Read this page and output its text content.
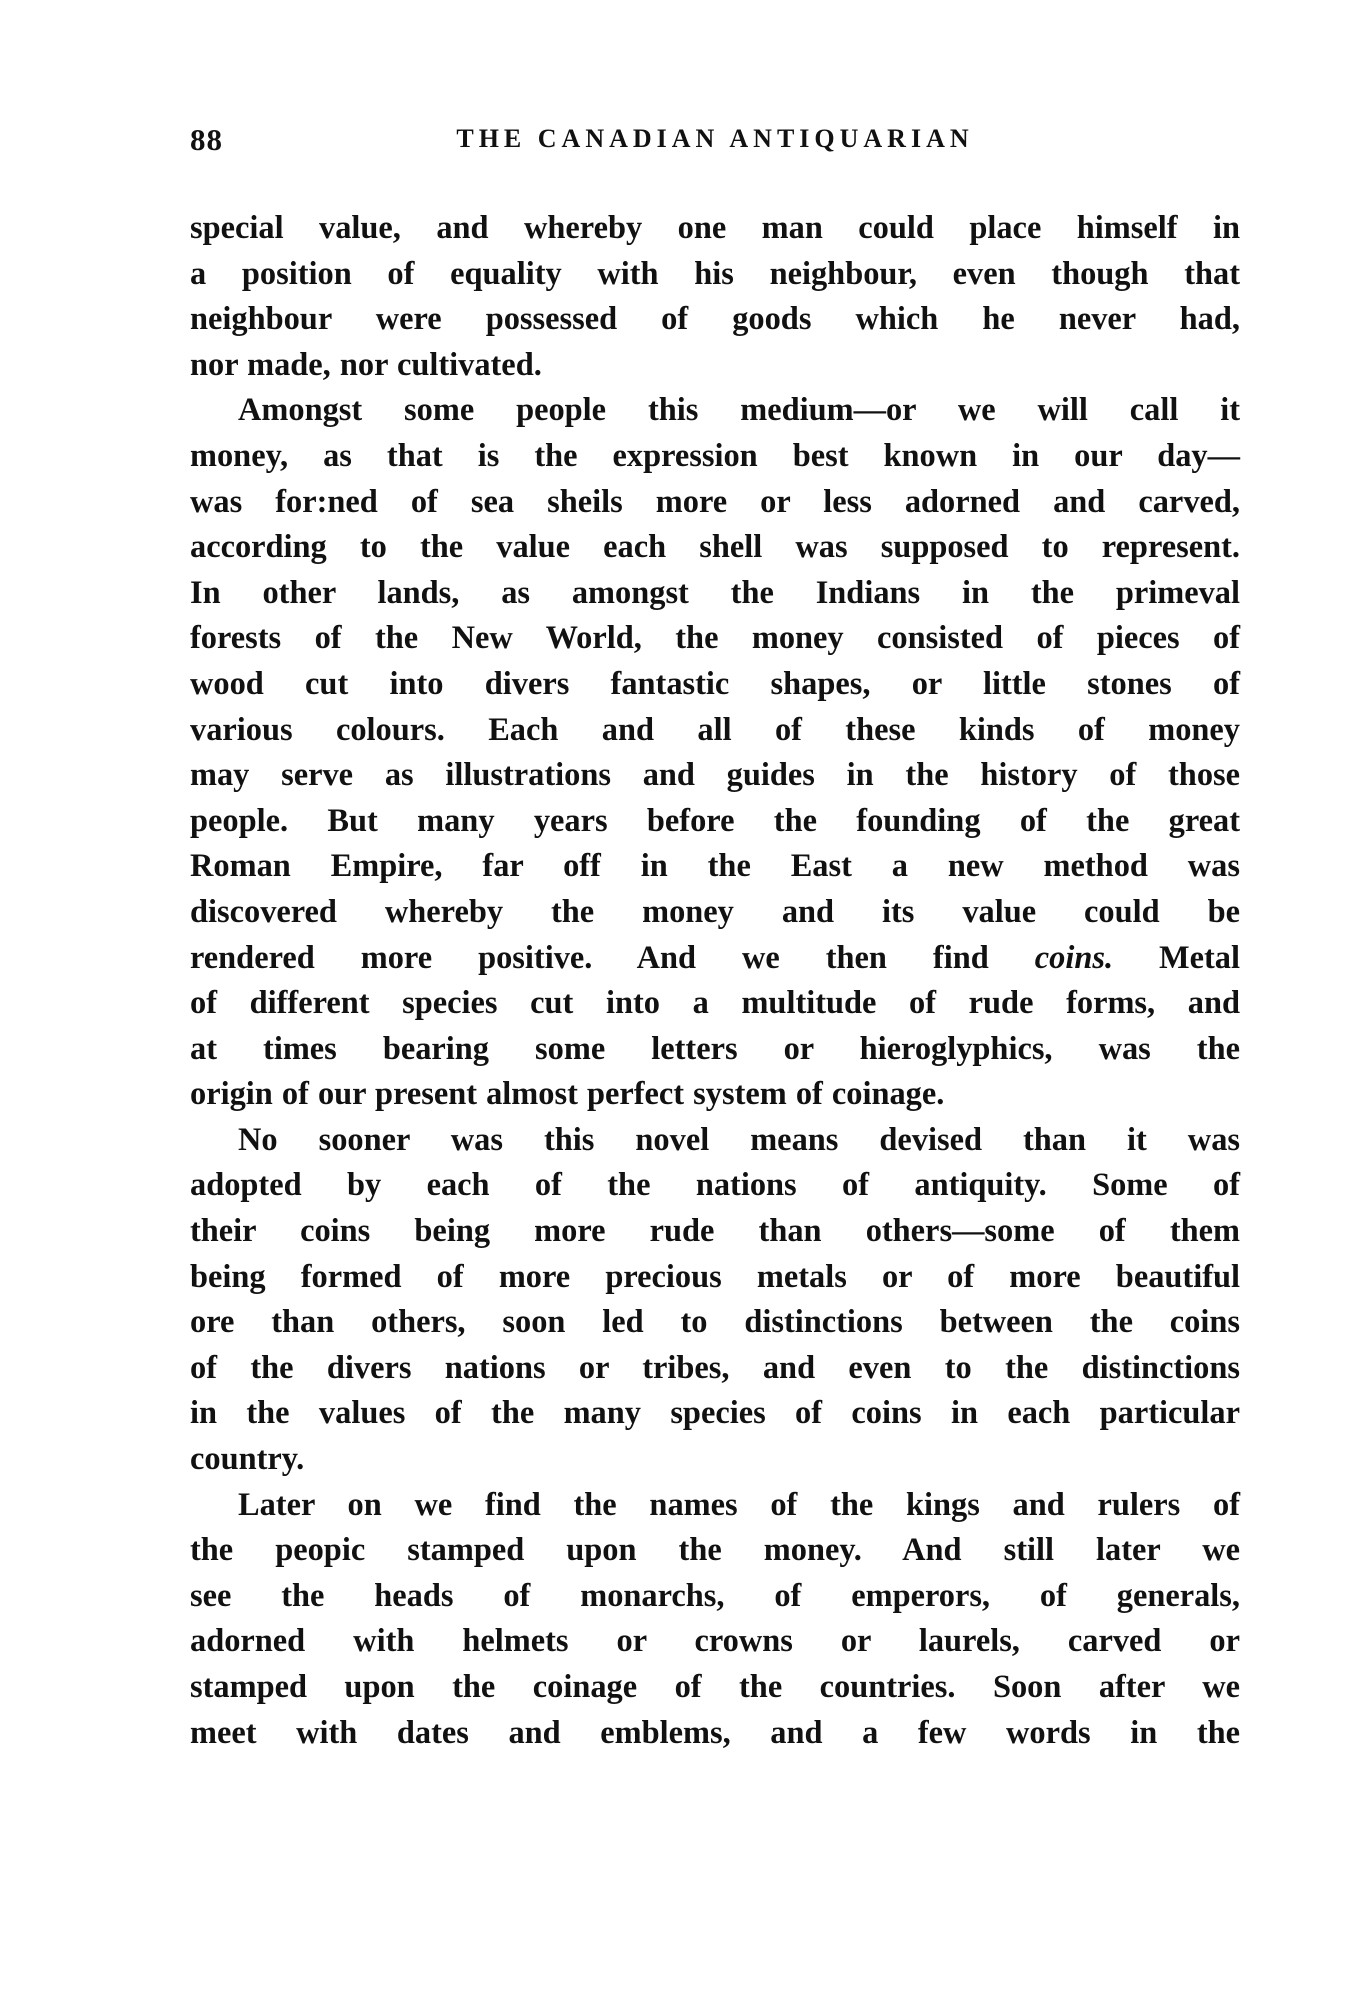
88	THE CANADIAN ANTIQUARIAN
special value, and whereby one man could place himself in
a position of equality with his neighbour, even though that
neighbour were possessed of goods which he never had,
nor made, nor cultivated.
Amongst some people this medium—or we will call it
money, as that is the expression best known in our day—
was for:ned of sea sheils more or less adorned and carved,
according to the value each shell was supposed to represent.
In other lands, as amongst the Indians in the primeval
forests of the New World, the money consisted of pieces of
wood cut into divers fantastic shapes, or little stones of
various colours. Each and all of these kinds of money
may serve as illustrations and guides in the history of those
people. But many years before the founding of the great
Roman Empire, far off in the East a new method was
discovered whereby the money and its value could be
rendered more positive. And we then find coins. Metal
of different species cut into a multitude of rude forms, and
at times bearing some letters or hieroglyphics, was the
origin of our present almost perfect system of coinage.
No sooner was this novel means devised than it was
adopted by each of the nations of antiquity. Some of
their coins being more rude than others—some of them
being formed of more precious metals or of more beautiful
ore than others, soon led to distinctions between the coins
of the divers nations or tribes, and even to the distinctions
in the values of the many species of coins in each particular
country.
Later on we find the names of the kings and rulers of
the peopic stamped upon the money. And still later we
see the heads of monarchs, of emperors, of generals,
adorned with helmets or crowns or laurels, carved or
stamped upon the coinage of the countries. Soon after we
meet with dates and emblems, and a few words in the
